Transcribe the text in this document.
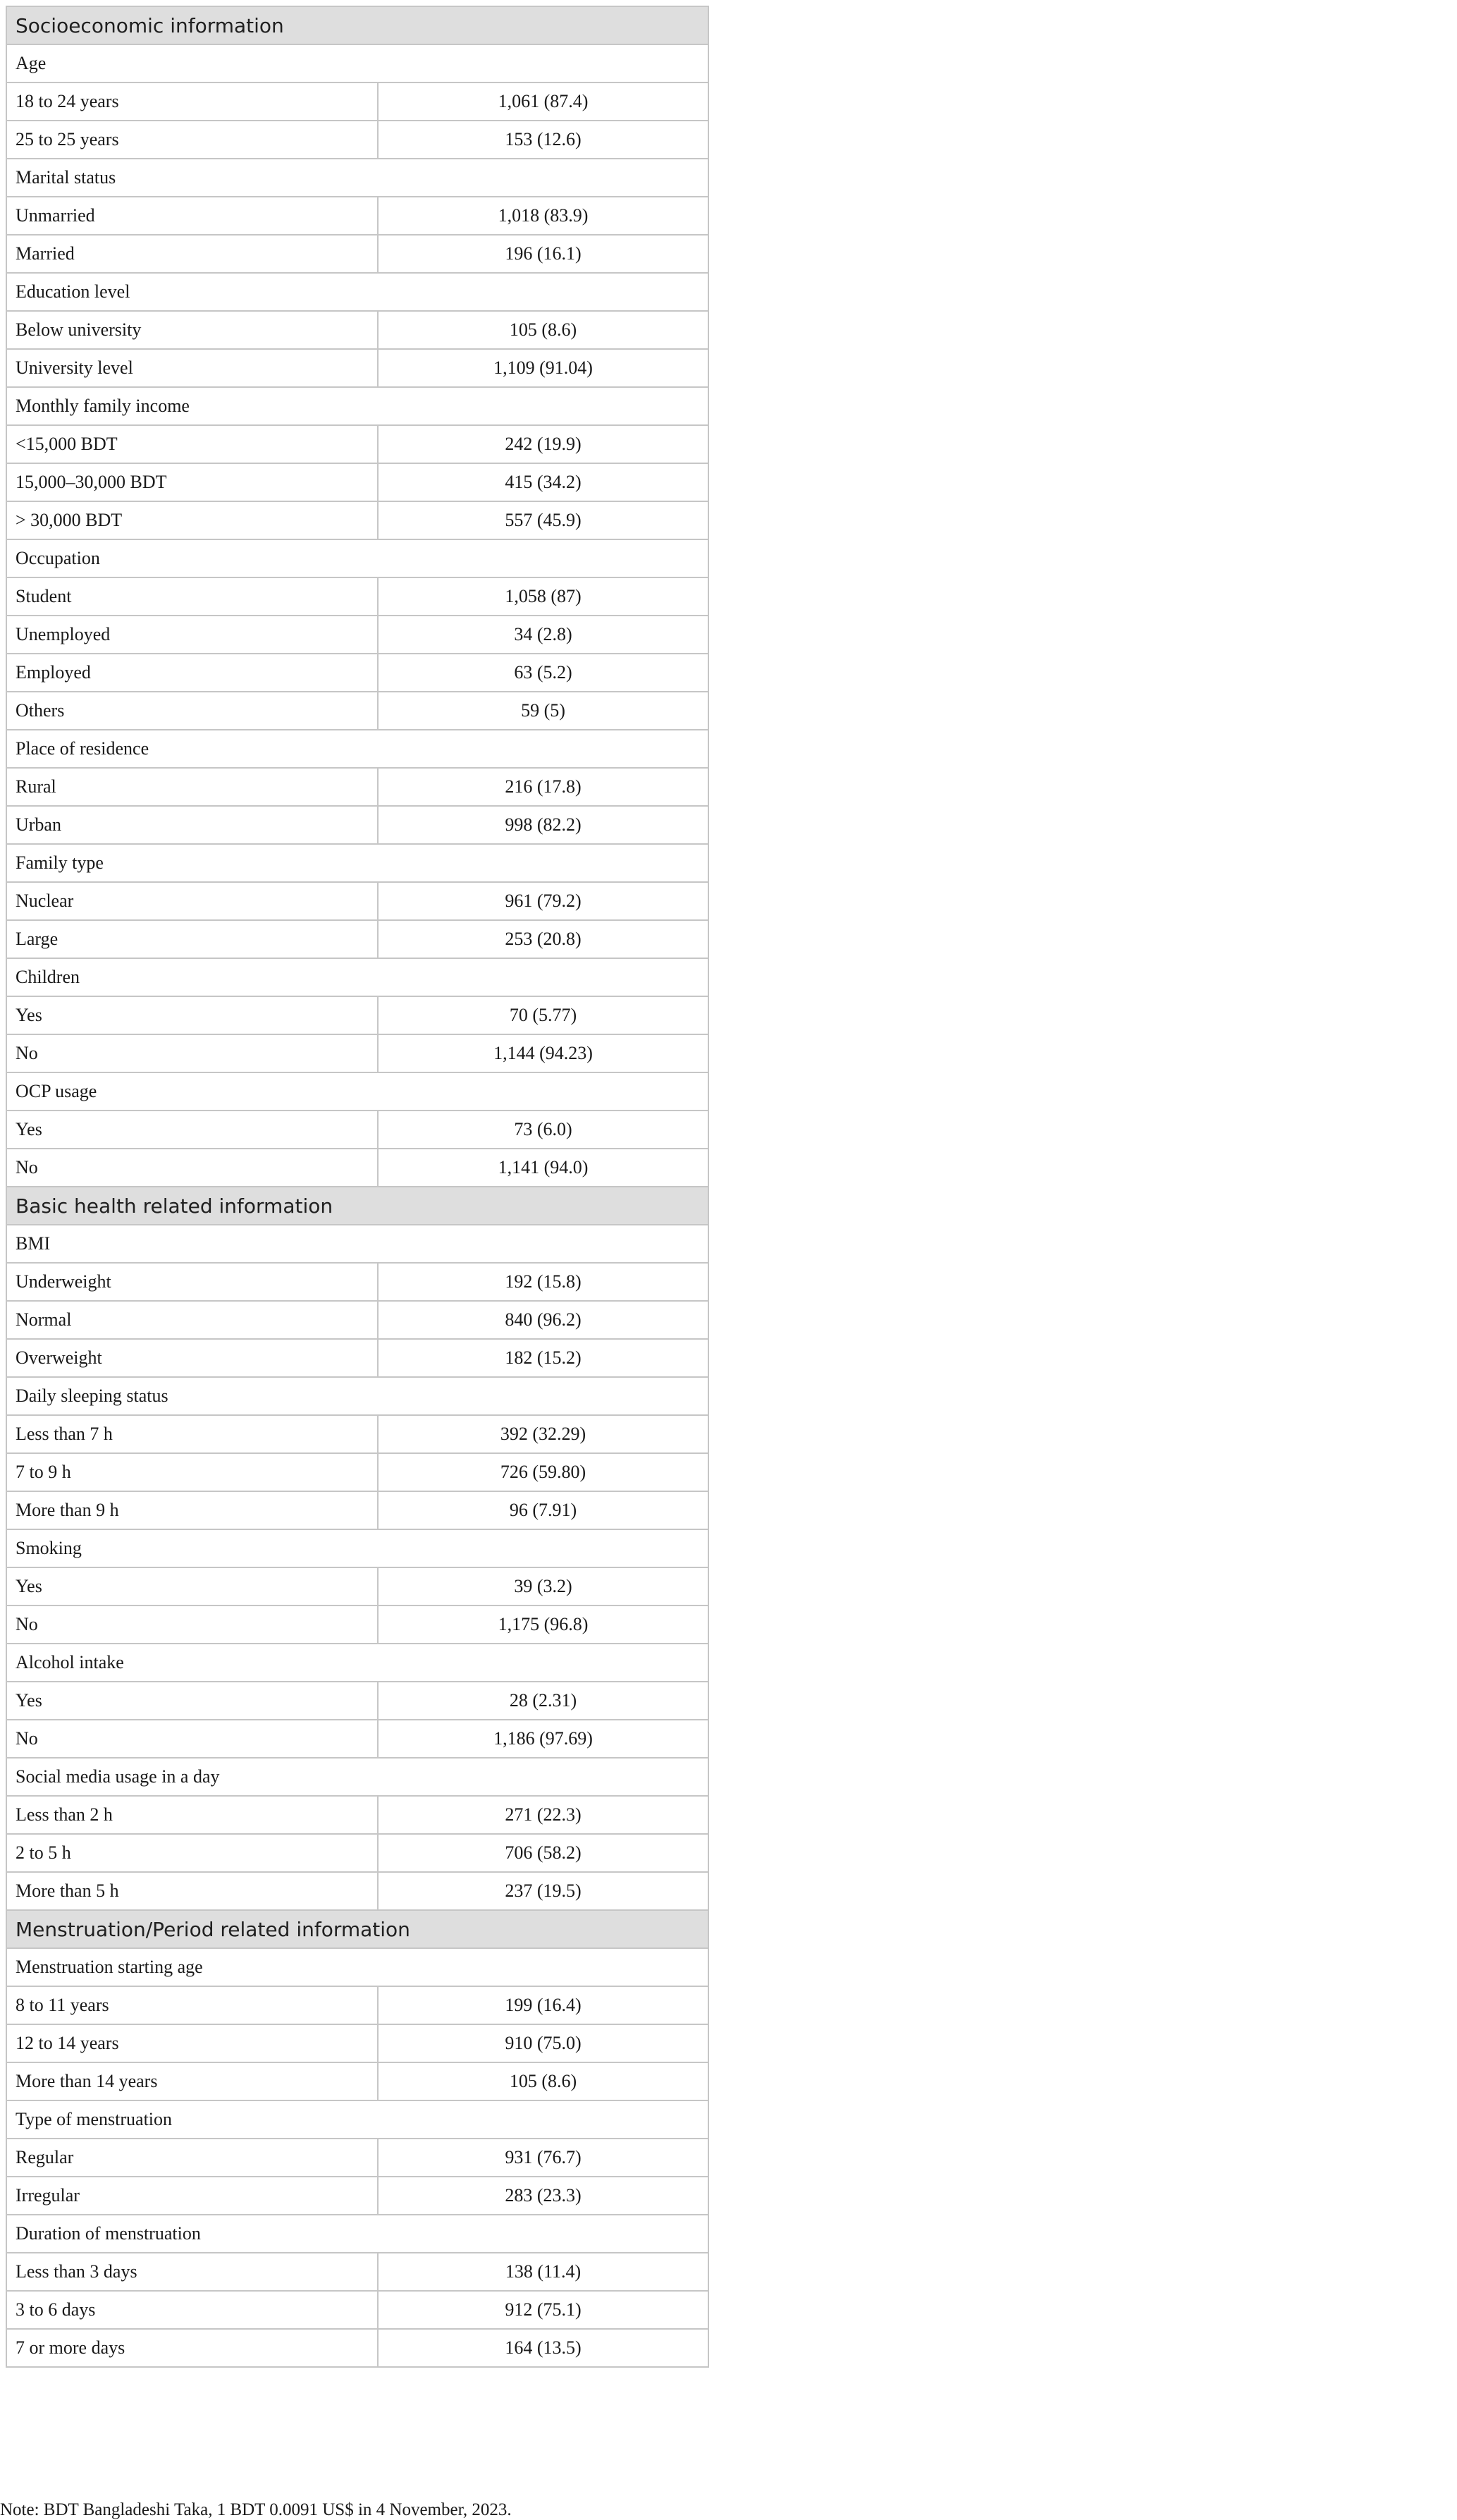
Socioeconomic information	
Age	
18 to 24 years	1,061 (87.4)
25 to 25 years	153 (12.6)
Marital status	
Unmarried	1,018 (83.9)
Married	196 (16.1)
Education level	
Below university	105 (8.6)
University level	1,109 (91.04)
Monthly family income	
<15,000 BDT	242 (19.9)
15,000–30,000 BDT	415 (34.2)
> 30,000 BDT	557 (45.9)
Occupation	
Student	1,058 (87)
Unemployed	34 (2.8)
Employed	63 (5.2)
Others	59 (5)
Place of residence	
Rural	216 (17.8)
Urban	998 (82.2)
Family type	
Nuclear	961 (79.2)
Large	253 (20.8)
Children	
Yes	70 (5.77)
No	1,144 (94.23)
OCP usage	
Yes	73 (6.0)
No	1,141 (94.0)
Basic health related information	
BMI	
Underweight	192 (15.8)
Normal	840 (96.2)
Overweight	182 (15.2)
Daily sleeping status	
Less than 7 h	392 (32.29)
7 to 9 h	726 (59.80)
More than 9 h	96 (7.91)
Smoking	
Yes	39 (3.2)
No	1,175 (96.8)
Alcohol intake	
Yes	28 (2.31)
No	1,186 (97.69)
Social media usage in a day	
Less than 2 h	271 (22.3)
2 to 5 h	706 (58.2)
More than 5 h	237 (19.5)
Menstruation/Period related information	
Menstruation starting age	
8 to 11 years	199 (16.4)
12 to 14 years	910 (75.0)
More than 14 years	105 (8.6)
Type of menstruation	
Regular	931 (76.7)
Irregular	283 (23.3)
Duration of menstruation	
Less than 3 days	138 (11.4)
3 to 6 days	912 (75.1)
7 or more days	164 (13.5)
Note: BDT Bangladeshi Taka, 1 BDT 0.0091 US$ in 4 November, 2023.
